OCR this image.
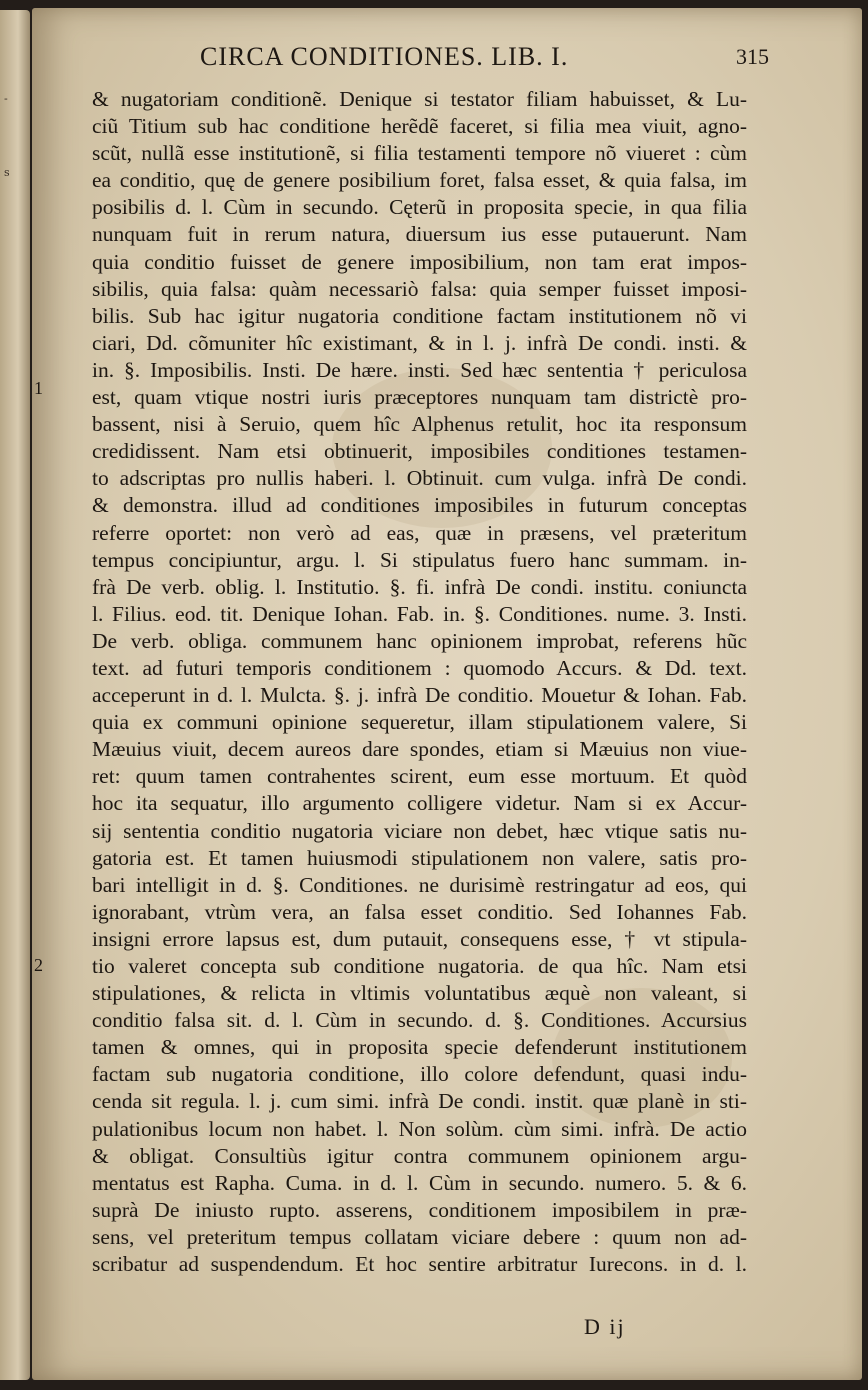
-
s
CIRCA CONDITIONES. LIB. I.	315
1
2
& nugatoriam conditionẽ. Denique si testator filiam habuisset, & Lu-
ciũ Titium sub hac conditione herẽdẽ faceret, si filia mea viuit, agno-
scũt, nullã esse institutionẽ, si filia testamenti tempore nõ viueret : cùm
ea conditio, quę de genere posibilium foret, falsa esset, & quia falsa, im
posibilis d. l. Cùm in secundo. Cęterũ in proposita specie, in qua filia
nunquam fuit in rerum natura, diuersum ius esse putauerunt. Nam
quia conditio fuisset de genere imposibilium, non tam erat impos-
sibilis, quia falsa: quàm necessariò falsa: quia semper fuisset imposi-
bilis. Sub hac igitur nugatoria conditione factam institutionem nõ vi
ciari, Dd. cõmuniter hîc existimant, & in l. j. infrà De condi. insti. &
in. §. Imposibilis. Insti. De hære. insti. Sed hæc sententia † periculosa
est, quam vtique nostri iuris præceptores nunquam tam districtè pro-
bassent, nisi à Seruio, quem hîc Alphenus retulit, hoc ita responsum
credidissent. Nam etsi obtinuerit, imposibiles conditiones testamen-
to adscriptas pro nullis haberi. l. Obtinuit. cum vulga. infrà De condi.
& demonstra. illud ad conditiones imposibiles in futurum conceptas
referre oportet: non verò ad eas, quæ in præsens, vel præteritum
tempus concipiuntur, argu. l. Si stipulatus fuero hanc summam. in-
frà De verb. oblig. l. Institutio. §. fi. infrà De condi. institu. coniuncta
l. Filius. eod. tit. Denique Iohan. Fab. in. §. Conditiones. nume. 3. Insti.
De verb. obliga. communem hanc opinionem improbat, referens hũc
text. ad futuri temporis conditionem : quomodo Accurs. & Dd. text.
acceperunt in d. l. Mulcta. §. j. infrà De conditio. Mouetur & Iohan. Fab.
quia ex communi opinione sequeretur, illam stipulationem valere, Si
Mæuius viuit, decem aureos dare spondes, etiam si Mæuius non viue-
ret: quum tamen contrahentes scirent, eum esse mortuum. Et quòd
hoc ita sequatur, illo argumento colligere videtur. Nam si ex Accur-
sij sententia conditio nugatoria viciare non debet, hæc vtique satis nu-
gatoria est. Et tamen huiusmodi stipulationem non valere, satis pro-
bari intelligit in d. §. Conditiones. ne durisimè restringatur ad eos, qui
ignorabant, vtrùm vera, an falsa esset conditio. Sed Iohannes Fab.
insigni errore lapsus est, dum putauit, consequens esse, † vt stipula-
tio valeret concepta sub conditione nugatoria. de qua hîc. Nam etsi
stipulationes, & relicta in vltimis voluntatibus æquè non valeant, si
conditio falsa sit. d. l. Cùm in secundo. d. §. Conditiones. Accursius
tamen & omnes, qui in proposita specie defenderunt institutionem
factam sub nugatoria conditione, illo colore defendunt, quasi indu-
cenda sit regula. l. j. cum simi. infrà De condi. instit. quæ planè in sti-
pulationibus locum non habet. l. Non solùm. cùm simi. infrà. De actio
& obligat. Consultiùs igitur contra communem opinionem argu-
mentatus est Rapha. Cuma. in d. l. Cùm in secundo. numero. 5. & 6.
suprà De iniusto rupto. asserens, conditionem imposibilem in præ-
sens, vel preteritum tempus collatam viciare debere : quum non ad-
scribatur ad suspendendum. Et hoc sentire arbitratur Iurecons. in d. l.
D ij
